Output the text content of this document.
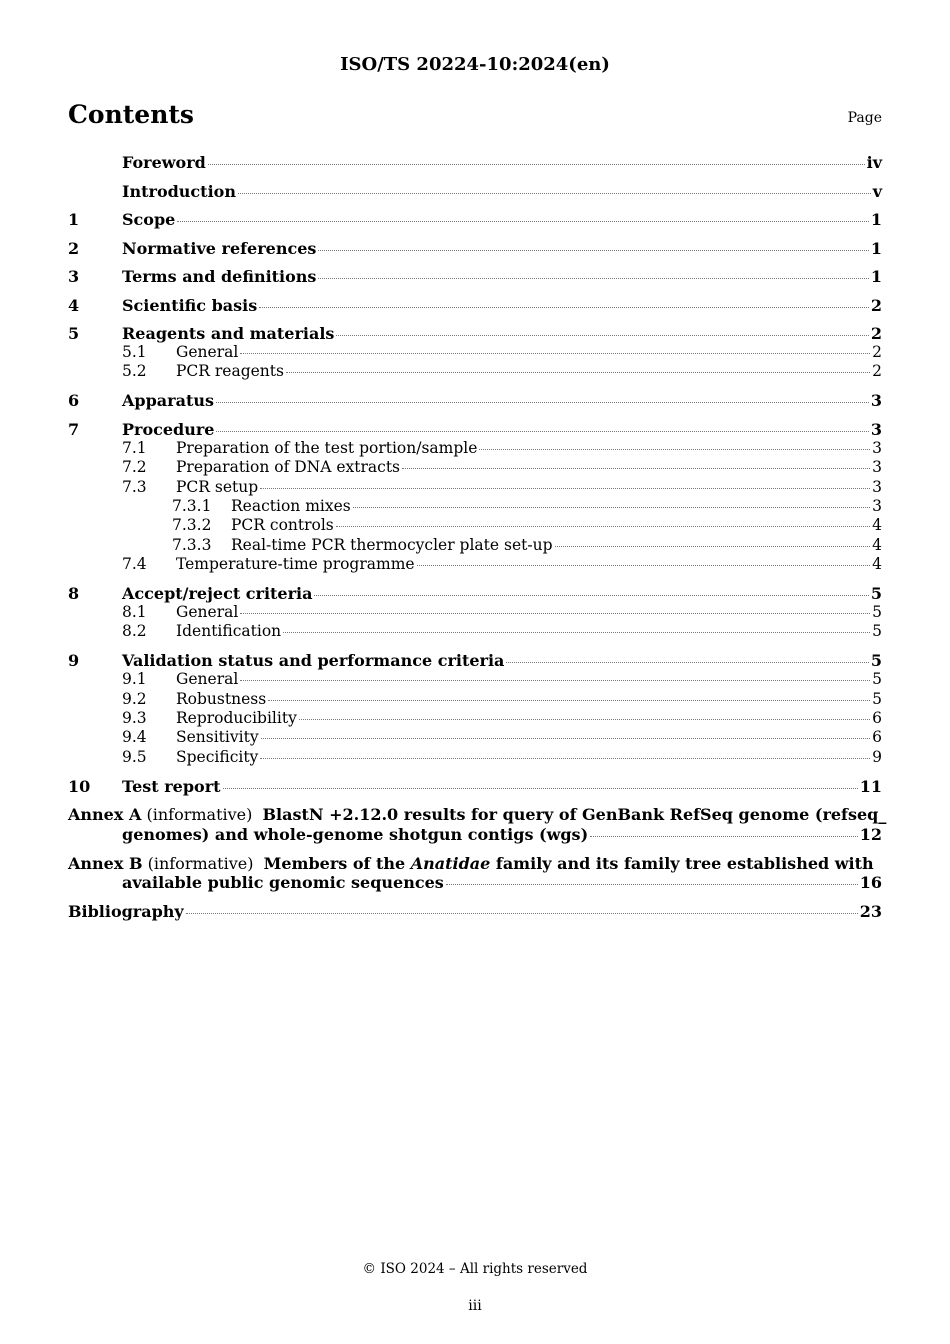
ISO/TS 20224-10:2024(en)
Contents	Page
Foreword	iv
Introduction	v
1	Scope	1
2	Normative references	1
3	Terms and definitions	1
4	Scientific basis	2
5	Reagents and materials	2
5.1	General	2
5.2	PCR reagents	2
6	Apparatus	3
7	Procedure	3
7.1	Preparation of the test portion/sample	3
7.2	Preparation of DNA extracts	3
7.3	PCR setup	3
7.3.1	Reaction mixes	3
7.3.2	PCR controls	4
7.3.3	Real-time PCR thermocycler plate set-up	4
7.4	Temperature-time programme	4
8	Accept/reject criteria	5
8.1	General	5
8.2	Identification	5
9	Validation status and performance criteria	5
9.1	General	5
9.2	Robustness	5
9.3	Reproducibility	6
9.4	Sensitivity	6
9.5	Specificity	9
10	Test report	11
Annex A (informative) BlastN +2.12.0 results for query of GenBank RefSeq genome (refseq_
genomes) and whole-genome shotgun contigs (wgs)	12
Annex B (informative) Members of the Anatidae family and its family tree established with
available public genomic sequences	16
Bibliography	23
© ISO 2024 – All rights reserved
iii
